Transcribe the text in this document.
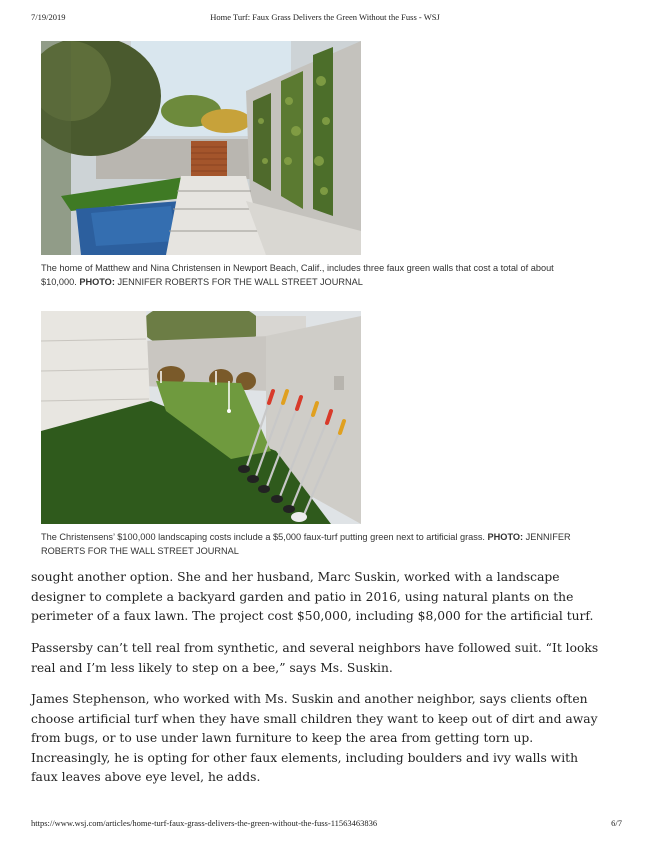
7/19/2019	Home Turf: Faux Grass Delivers the Green Without the Fuss - WSJ
The home of Matthew and Nina Christensen in Newport Beach, Calif., includes three faux green walls that cost a total of about $10,000. PHOTO: JENNIFER ROBERTS FOR THE WALL STREET JOURNAL
The Christensens’ $100,000 landscaping costs include a $5,000 faux-turf putting green next to artificial grass. PHOTO: JENNIFER ROBERTS FOR THE WALL STREET JOURNAL

sought another option. She and her husband, Marc Suskin, worked with a landscape designer to complete a backyard garden and patio in 2016, using natural plants on the perimeter of a faux lawn. The project cost $50,000, including $8,000 for the artificial turf.

Passersby can’t tell real from synthetic, and several neighbors have followed suit. “It looks real and I’m less likely to step on a bee,” says Ms. Suskin.

James Stephenson, who worked with Ms. Suskin and another neighbor, says clients often choose artificial turf when they have small children they want to keep out of dirt and away from bugs, or to use under lawn furniture to keep the area from getting torn up. Increasingly, he is opting for other faux elements, including boulders and ivy walls with faux leaves above eye level, he adds.

https://www.wsj.com/articles/home-turf-faux-grass-delivers-the-green-without-the-fuss-11563463836	6/7
